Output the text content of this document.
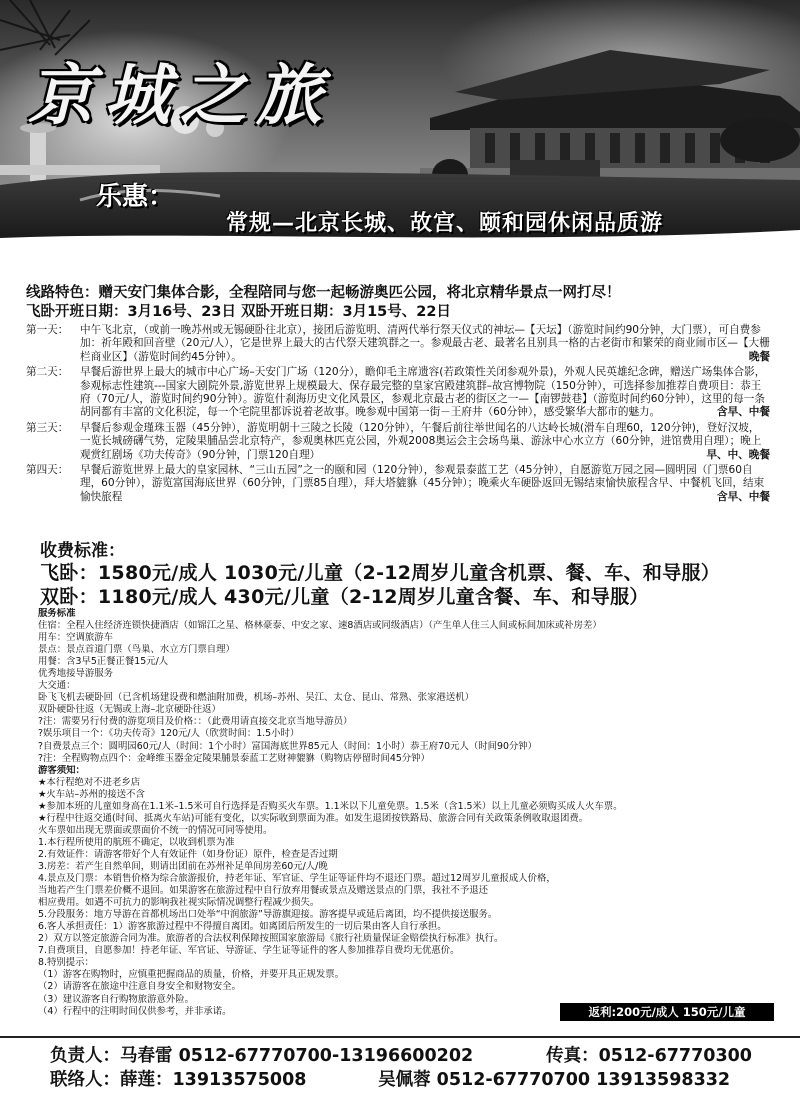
京城之旅
乐惠：
常规—北京长城、故宫、颐和园休闲品质游
线路特色：赠天安门集体合影，全程陪同与您一起畅游奥匹公园，将北京精华景点一网打尽！
飞卧开班日期：3月16号、23日 双卧开班日期：3月15号、22日
第一天：	中午飞北京，（或前一晚苏州或无锡硬卧往北京），接团后游览明、清两代举行祭天仪式的神坛—【天坛】（游览时间约90分钟，大门票），可自费参加：祈年殿和回音壁（20元/人），它是世界上最大的古代祭天建筑群之一。参观最古老、最著名且别具一格的古老街市和繁荣的商业闹市区—【大栅栏商业区】（游览时间约45分钟）。	晚餐
第二天：	早餐后游世界上最大的城市中心广场–天安门广场（120分），瞻仰毛主席遗容(若政策性关闭参观外景)，外观人民英雄纪念碑，赠送广场集体合影，参观标志性建筑---国家大剧院外景,游览世界上规模最大、保存最完整的皇家宫殿建筑群–故宫博物院（150分钟），可选择参加推荐自费项目：恭王府（70元/人，游览时间约90分钟）。游览什刹海历史文化风景区，参观北京最古老的街区之一—【南锣鼓巷】（游览时间约60分钟），这里的每一条胡同都有丰富的文化积淀，每一个宅院里都诉说着老故事。晚参观中国第一街－王府井（60分钟），感受繁华大都市的魅力。	含早、中餐
第三天：	早餐后参观金瑾珠玉器（45分钟），游览明朝十三陵之长陵（120分钟），午餐后前往举世闻名的八达岭长城(滑车自理60，120分钟)，登好汉坡，一览长城磅礴气势，定陵果脯品尝北京特产，参观奥林匹克公园，外观2008奥运会主会场鸟巢、游泳中心水立方（60分钟，进馆费用自理）；晚上观赏红剧场《功夫传奇》（90分钟，门票120自理）	早、中、晚餐
第四天：	早餐后游览世界上最大的皇家园林、“三山五园”之一的颐和园（120分钟），参观景泰蓝工艺（45分钟），自愿游览万园之园—圆明园（门票60自理，60分钟），游览富国海底世界（60分钟，门票85自理），拜大塔貔貅（45分钟）；晚乘火车硬卧返回无锡结束愉快旅程含早、中餐机飞回，结束愉快旅程	含早、中餐
收费标准：
飞卧：1580元/成人 1030元/儿童（2-12周岁儿童含机票、餐、车、和导服）
双卧：1180元/成人 430元/儿童（2-12周岁儿童含餐、车、和导服）
服务标准
住宿：全程入住经济连锁快捷酒店（如锦江之星、格林豪泰、中安之家、速8酒店或同级酒店）（产生单人住三人间或标间加床或补房差）
用车：空调旅游车
景点：景点首道门票（鸟巢、水立方门票自理）
用餐：含3早5正餐正餐15元/人
优秀地接导游服务
大交通：
卧飞飞机去硬卧回（已含机场建设费和燃油附加费，机场–苏州、吴江、太仓、昆山、常熟、张家港送机）
双卧硬卧往返（无锡或上海–北京硬卧往返）
?注：需要另行付费的游览项目及价格：：（此费用请直接交北京当地导游员）
?娱乐项目一个：《功夫传奇》120元/人（欣赏时间：1.5小时）
?自费景点三个：圆明园60元/人（时间：1个小时）富国海底世界85元人（时间：1小时）恭王府70元人（时间90分钟）
?注：全程购物点四个：金峰维玉器金定陵果脯景泰蓝工艺财神貔貅（购物店停留时间45分钟）
游客须知：
★本行程绝对不进老乡店
★火车站–苏州的接送不含
★参加本班的儿童如身高在1.1米–1.5米可自行选择是否购买火车票。1.1米以下儿童免票。1.5米（含1.5米）以上儿童必须购买成人火车票。
★行程中往返交通(时间、抵离火车站)可能有变化，以实际收到票面为准。如发生退团按铁路局、旅游合同有关政策条例收取退团费。
火车票如出现无票面或票面价不统一的情况可同等使用。
1.本行程所使用的航班不确定，以收到机票为准
2.有效证件：请游客带好个人有效证件（如身份证）原件，检查是否过期
3.房差：若产生自然单间，则请出团前在苏州补足单间房差60元/人/晚
4.景点及门票：本销售价格为综合旅游报价，持老年证、军官证、学生证等证件均不退还门票。超过12周岁儿童报成人价格，
当地若产生门票差价概不退回。如果游客在旅游过程中自行放弃用餐或景点及赠送景点的门票，我社不予退还
相应费用。如遇不可抗力的影响我社视实际情况调整行程减少损失。
5.分段服务：地方导游在首都机场出口处举“中润旅游”导游旗迎接。游客提早或延后离团，均不提供接送服务。
6.客人承担责任：1）游客旅游过程中不得擅自离团。如离团后所发生的一切后果由客人自行承担。
2）双方以签定旅游合同为准。旅游者的合法权利保障按照国家旅游局《旅行社质量保证金赔偿执行标准》执行。
7.自费项目，自愿参加！持老年证、军官证、导游证、学生证等证件的客人参加推荐自费均无优惠价。
8.特别提示：
（1）游客在购物时，应慎重把握商品的质量，价格，并要开具正规发票。
（2）请游客在旅途中注意自身安全和财物安全。
（3）建议游客自行购物旅游意外险。
（4）行程中的注明时间仅供参考，并非承诺。	返利:200元/成人 150元/儿童
负责人：马春雷 0512-67770700-13196600202	传真：0512-67770300
联络人：薛莲：13913575008	吴佩蓉 0512-67770700 13913598332
